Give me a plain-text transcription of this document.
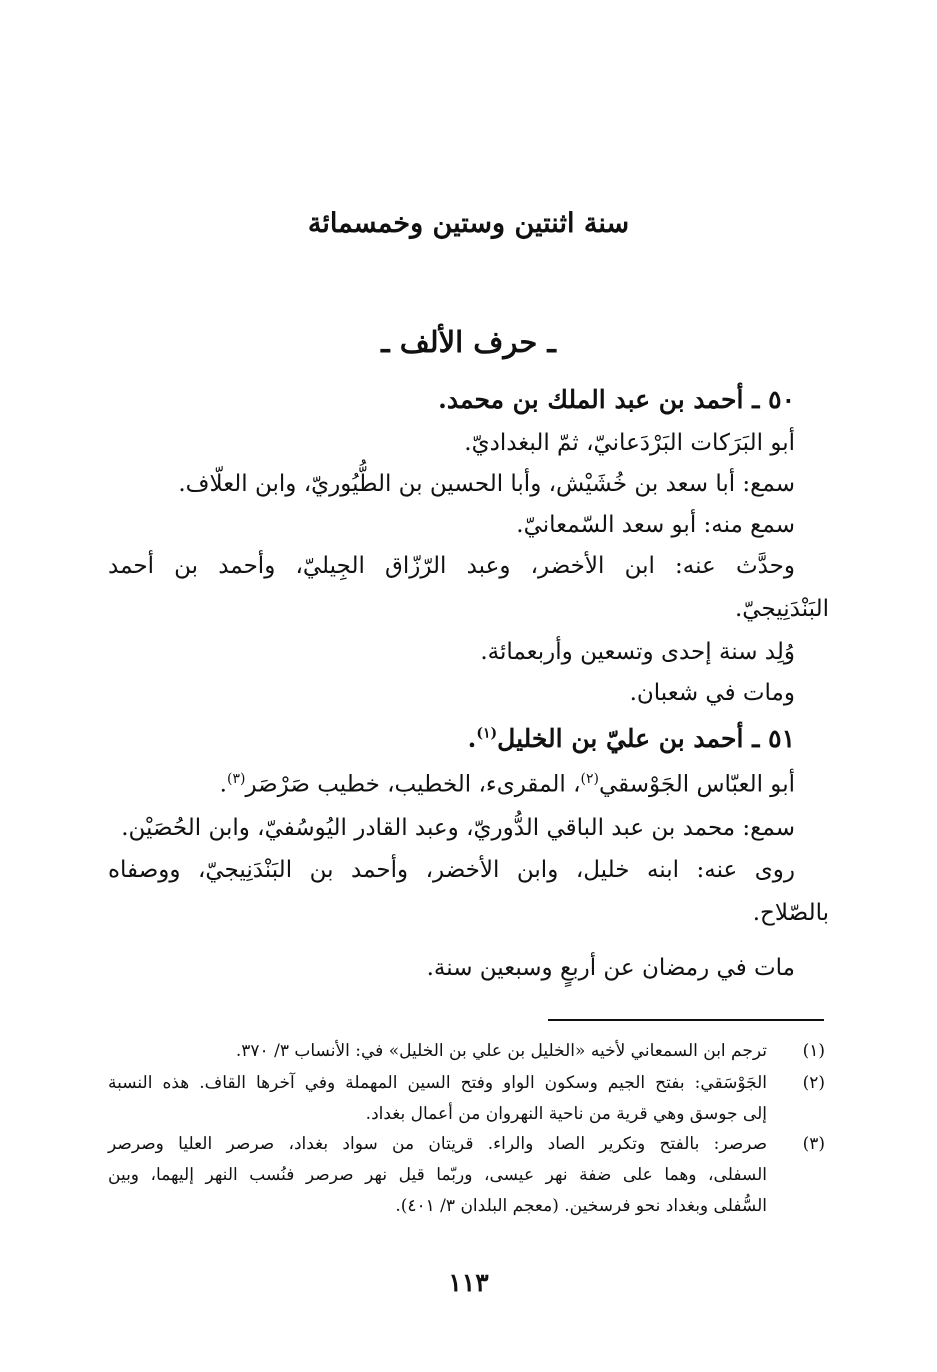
سنة اثنتين وستين وخمسمائة
ـ حرف الألف ـ
٥٠ ـ أحمد بن عبد الملك بن محمد.
أبو البَرَكات البَرْدَعانيّ، ثمّ البغداديّ.
سمع: أبا سعد بن خُشَيْش، وأبا الحسين بن الطُّيُوريّ، وابن العلّاف.
سمع منه: أبو سعد السّمعانيّ.
وحدَّث عنه: ابن الأخضر، وعبد الرّزّاق الجِيليّ، وأحمد بن أحمد
البَنْدَنِيجيّ.
وُلِد سنة إحدى وتسعين وأربعمائة.
ومات في شعبان.
٥١ ـ أحمد بن عليّ بن الخليل$^{(١)}$.
أبو العبّاس الجَوْسقي$^{(٢)}$، المقرىء، الخطيب، خطيب صَرْصَر$^{(٣)}$.
سمع: محمد بن عبد الباقي الدُّوريّ، وعبد القادر اليُوسُفيّ، وابن الحُصَيْن.
روى عنه: ابنه خليل، وابن الأخضر، وأحمد بن البَنْدَنِيجيّ، ووصفاه
بالصّلاح.
مات في رمضان عن أربعٍ وسبعين سنة.
(١)
ترجم ابن السمعاني لأخيه «الخليل بن علي بن الخليل» في: الأنساب ٣/ ٣٧٠.
(٢)
الجَوْسَقي: بفتح الجيم وسكون الواو وفتح السين المهملة وفي آخرها القاف. هذه النسبة
إلى جوسق وهي قرية من ناحية النهروان من أعمال بغداد.
(٣)
صرصر: بالفتح وتكرير الصاد والراء. قريتان من سواد بغداد، صرصر العليا وصرصر
السفلى، وهما على ضفة نهر عيسى، وربّما قيل نهر صرصر فنُسب النهر إليهما، وبين
السُّفلى وبغداد نحو فرسخين. (معجم البلدان ٣/ ٤٠١).
١١٣
